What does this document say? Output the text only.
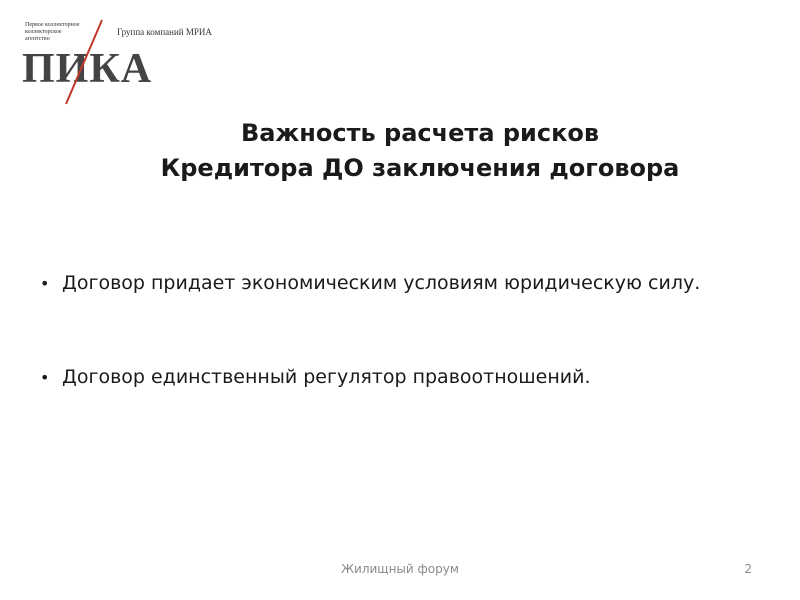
Первое коллекторное
коллекторское
агентство
Группа компаний МРИА
ПИКА
Важность расчета рисков
Кредитора ДО заключения договора
• Договор придает экономическим условиям юридическую силу.
• Договор единственный регулятор правоотношений.
Жилищный форум	2
